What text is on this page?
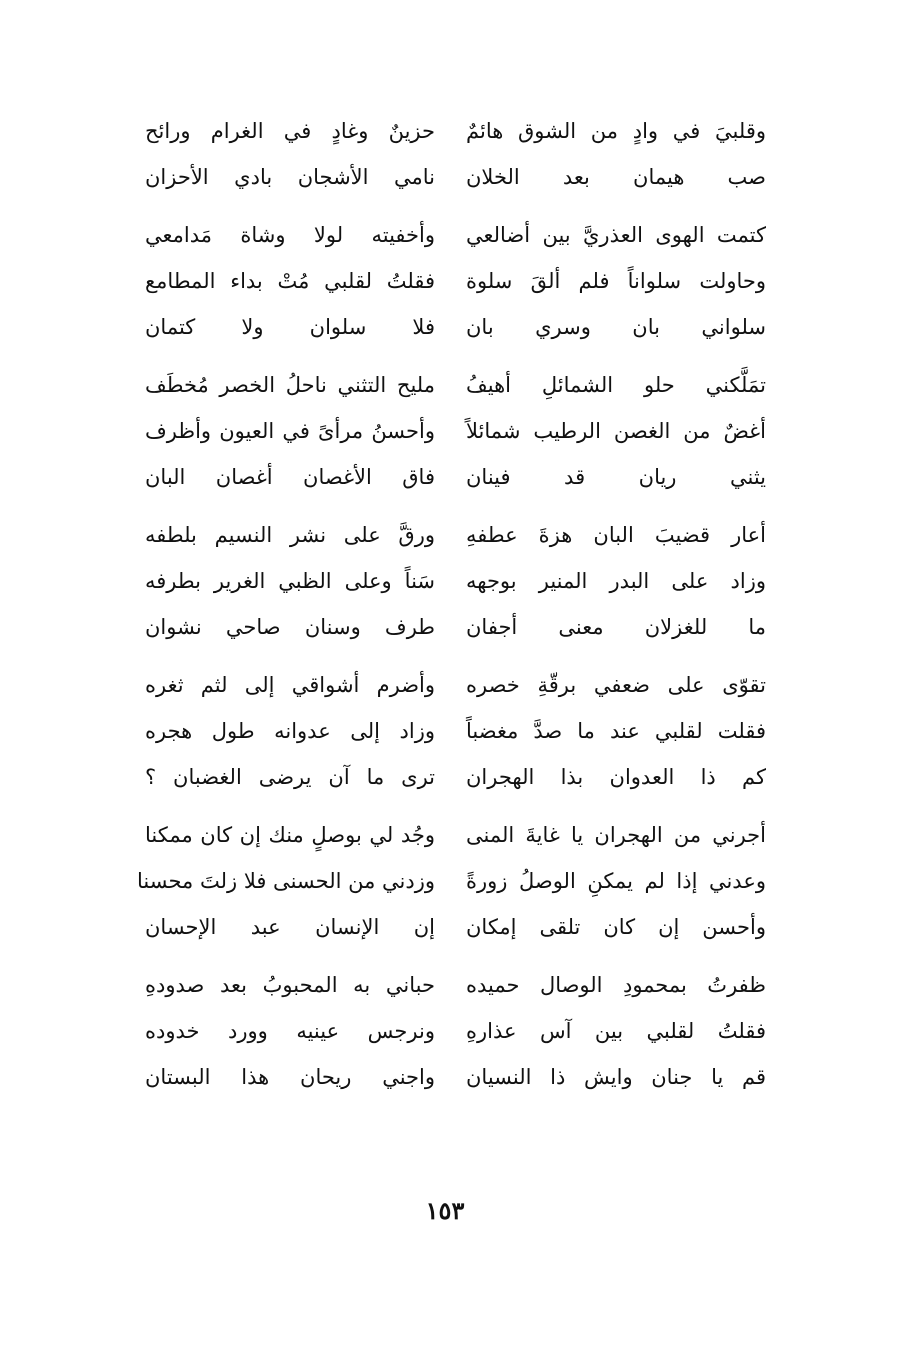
وقلبيَ في وادٍ من الشوق هائمٌ
صب هيمان بعد الخلان
كتمت الهوى العذريَّ بين أضالعي
وحاولت سلواناً فلم ألقَ سلوة
سلواني بان وسري بان
تمَلَّكني حلو الشمائلِ أهيفُ
أغضٌ من الغصن الرطيب شمائلاً
يثني ريان قد فينان
أعار قضيبَ البان هزةَ عطفهِ
وزاد على البدر المنير بوجهه
ما للغزلان معنى أجفان
تقوّى على ضعفي برقّةِ خصره
فقلت لقلبي عند ما صدَّ مغضباً
كم ذا العدوان بذا الهجران
أجرني من الهجران يا غايةَ المنى
وعدني إذا لم يمكنِ الوصلُ زورةً
وأحسن إن كان تلقى إمكان
ظفرتُ بمحمودِ الوصال حميده
فقلتُ لقلبي بين آس عذارهِ
قم يا جنان وايش ذا النسيان
حزينٌ وغادٍ في الغرام ورائح
نامي الأشجان بادي الأحزان
وأخفيته لولا وشاة مَدامعي
فقلتُ لقلبي مُتْ بداء المطامع
فلا سلوان ولا كتمان
مليح التثني ناحلُ الخصر مُخطَف
وأحسنُ مرأىً في العيون وأظرف
فاق الأغصان أغصان البان
ورقَّ على نشر النسيم بلطفه
سَناً وعلى الظبي الغرير بطرفه
طرف وسنان صاحي نشوان
وأضرم أشواقي إلى لثم ثغره
وزاد إلى عدوانه طول هجره
ترى ما آن يرضى الغضبان ؟
وجُد لي بوصلٍ منك إن كان ممكنا
وزدني من الحسنى فلا زلتَ محسنا
إن الإنسان عبد الإحسان
حباني به المحبوبُ بعد صدودهِ
ونرجس عينيه وورد خدوده
واجني ريحان هذا البستان
١٥٣
